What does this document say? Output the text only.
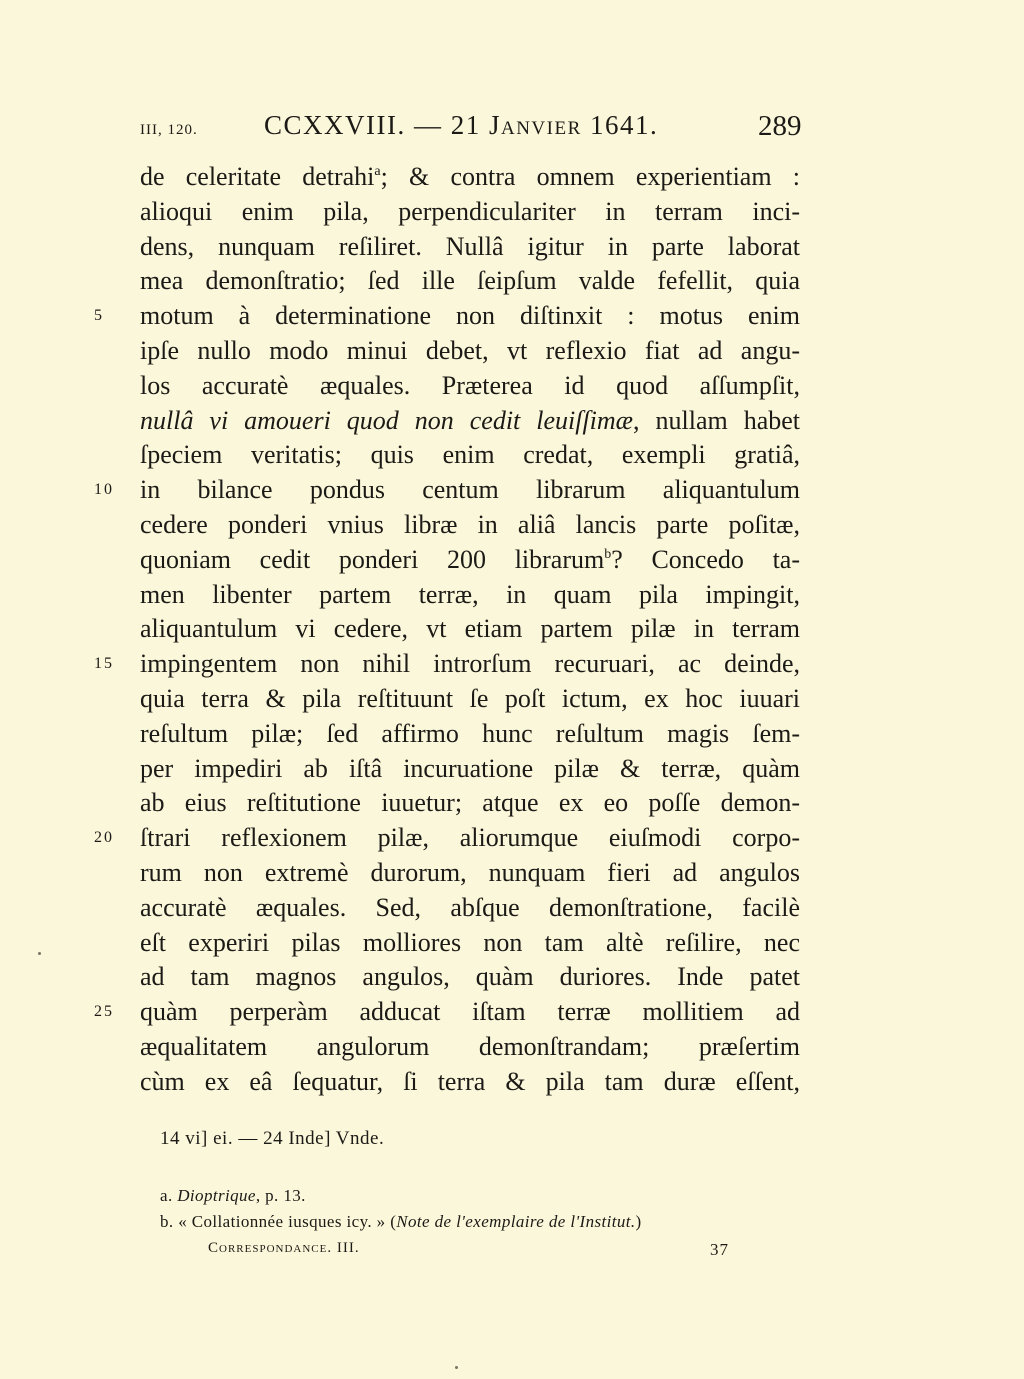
III, 120. CCXXVIII. — 21 Janvier 1641.	289
de celeritate detrahi$^a$; & contra omnem experientiam :
alioqui enim pila, perpendiculariter in terram inci-
dens, nunquam reſiliret. Nullâ igitur in parte laborat
mea demonſtratio; ſed ille ſeipſum valde fefellit, quia
5	motum à determinatione non diſtinxit : motus enim
ipſe nullo modo minui debet, vt reflexio fiat ad angu-
los accuratè æquales. Præterea id quod aſſumpſit,
nullâ vi amoueri quod non cedit leuiſſimæ, nullam habet
ſpeciem veritatis; quis enim credat, exempli gratiâ,
10	in bilance pondus centum librarum aliquantulum
cedere ponderi vnius libræ in aliâ lancis parte poſitæ,
quoniam cedit ponderi 200 librarum$^b$? Concedo ta-
men libenter partem terræ, in quam pila impingit,
aliquantulum vi cedere, vt etiam partem pilæ in terram
15	impingentem non nihil introrſum recuruari, ac deinde,
quia terra & pila reſtituunt ſe poſt ictum, ex hoc iuuari
reſultum pilæ; ſed affirmo hunc reſultum magis ſem-
per impediri ab iſtâ incuruatione pilæ & terræ, quàm
ab eius reſtitutione iuuetur; atque ex eo poſſe demon-
20	ſtrari reflexionem pilæ, aliorumque eiuſmodi corpo-
rum non extremè durorum, nunquam fieri ad angulos
accuratè æquales. Sed, abſque demonſtratione, facilè
eſt experiri pilas molliores non tam altè reſilire, nec
ad tam magnos angulos, quàm duriores. Inde patet
25	quàm perperàm adducat iſtam terræ mollitiem ad
æqualitatem angulorum demonſtrandam; præſertim
cùm ex eâ ſequatur, ſi terra & pila tam duræ eſſent,
14 vi] ei. — 24 Inde] Vnde.
a. Dioptrique, p. 13.
b. « Collationnée iusques icy. » (Note de l'exemplaire de l'Institut.)
Correspondance. III.	37
